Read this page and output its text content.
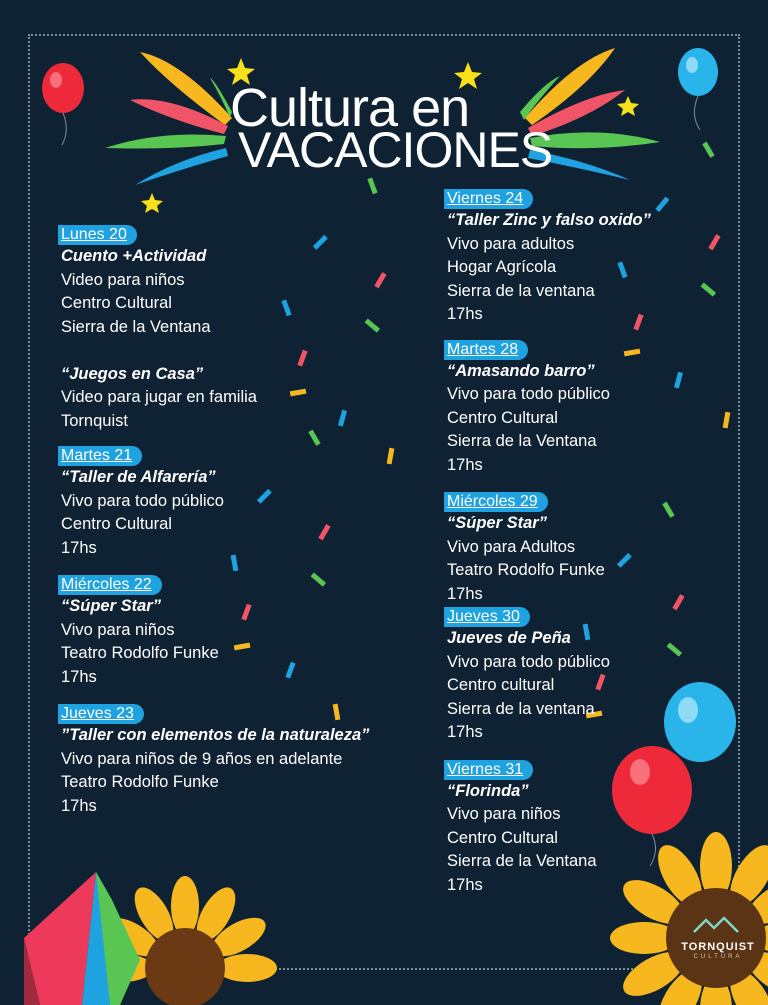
Cultura en
VACACIONES
Lunes 20
Cuento +Actividad
Video para niños
Centro Cultural
Sierra de la Ventana

“Juegos en Casa”
Video para jugar en familia
Tornquist
Martes 21
“Taller de Alfarería”
Vivo para todo público
Centro Cultural
17hs
Miércoles 22
“Súper Star”
Vivo para niños
Teatro Rodolfo Funke
17hs
Jueves 23
”Taller con elementos de la naturaleza”
Vivo para niños de 9 años en adelante
Teatro Rodolfo Funke
17hs
Viernes 24
“Taller Zinc y falso oxido”
Vivo para adultos
Hogar Agrícola
Sierra de la ventana
17hs
Martes 28
“Amasando barro”
Vivo para todo público
Centro Cultural
Sierra de la Ventana
17hs
Miércoles 29
“Súper Star”
Vivo para Adultos
Teatro Rodolfo Funke
17hs
Jueves 30
Jueves de Peña
Vivo para todo público
Centro cultural
Sierra de la ventana
17hs
Viernes 31
“Florinda”
Vivo para niños
Centro Cultural
Sierra de la Ventana
17hs
TORNQUIST
CULTURA
